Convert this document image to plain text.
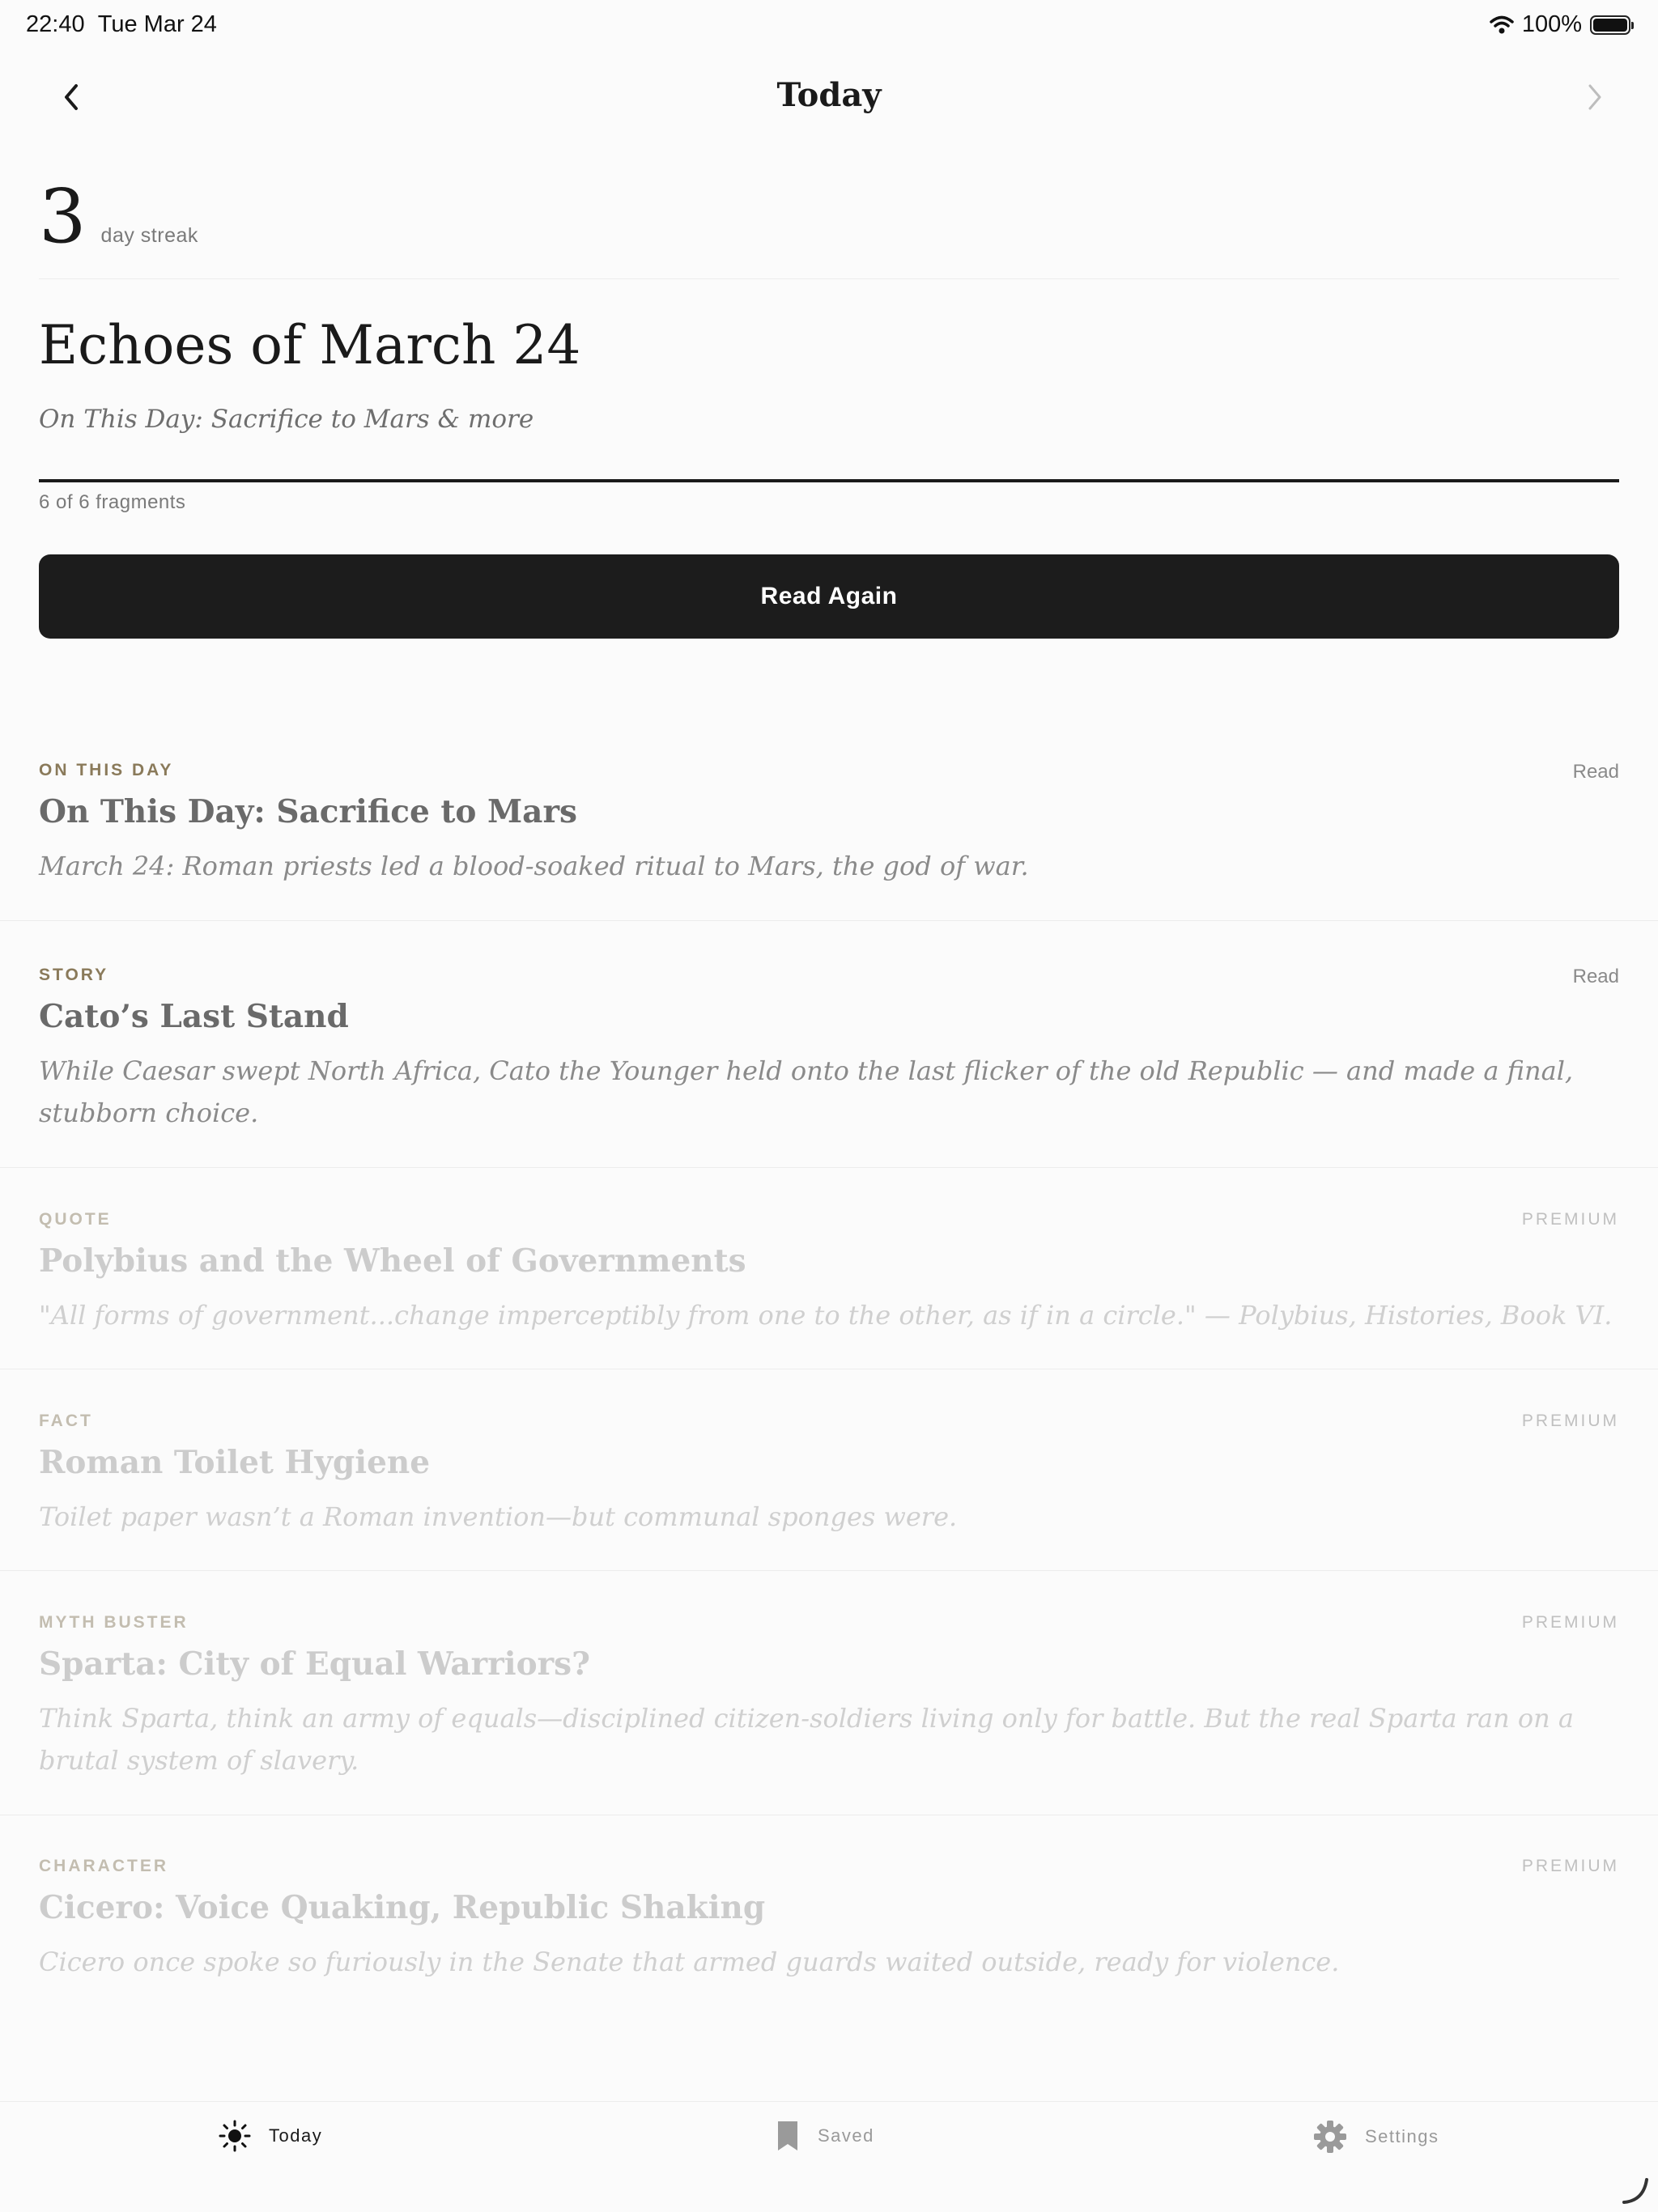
22:40 Tue Mar 24	100%
Today
3 day streak
Echoes of March 24
On This Day: Sacrifice to Mars & more
6 of 6 fragments
Read Again
ON THIS DAY	Read
On This Day: Sacrifice to Mars
March 24: Roman priests led a blood-soaked ritual to Mars, the god of war.
STORY	Read
Cato’s Last Stand
While Caesar swept North Africa, Cato the Younger held onto the last flicker of the old Republic — and made a final, stubborn choice.
QUOTE	PREMIUM
Polybius and the Wheel of Governments
"All forms of government...change imperceptibly from one to the other, as if in a circle." — Polybius, Histories, Book VI.
FACT	PREMIUM
Roman Toilet Hygiene
Toilet paper wasn’t a Roman invention—but communal sponges were.
MYTH BUSTER	PREMIUM
Sparta: City of Equal Warriors?
Think Sparta, think an army of equals—disciplined citizen-soldiers living only for battle. But the real Sparta ran on a brutal system of slavery.
CHARACTER	PREMIUM
Cicero: Voice Quaking, Republic Shaking
Cicero once spoke so furiously in the Senate that armed guards waited outside, ready for violence.
Today	Saved	Settings
